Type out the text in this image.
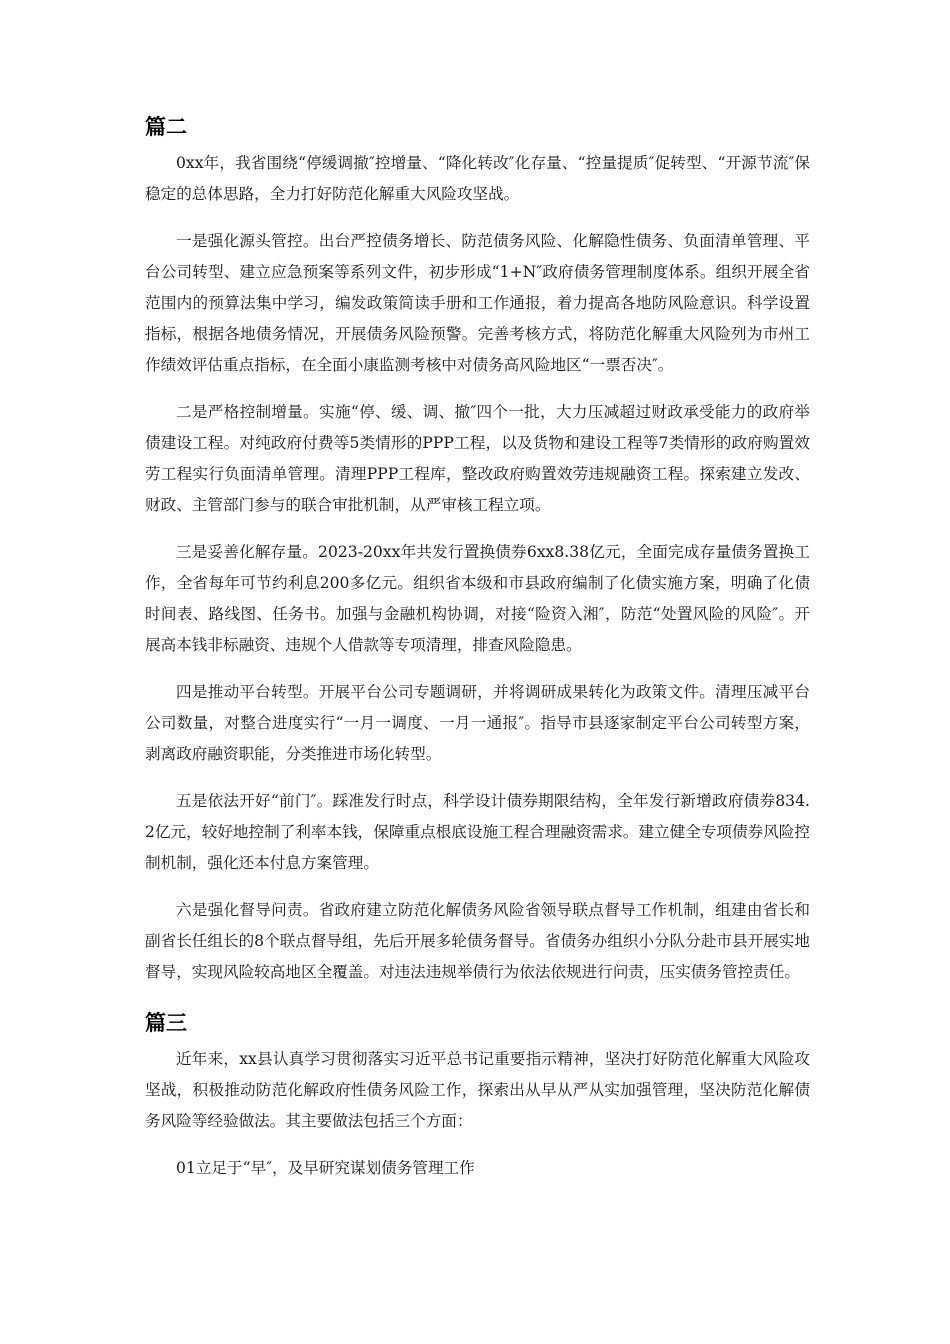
篇二

0xx年，我省围绕“停缓调撤″控增量、“降化转改″化存量、“控量提质″促转型、“开源节流″保稳定的总体思路，全力打好防范化解重大风险攻坚战。

一是强化源头管控。出台严控债务增长、防范债务风险、化解隐性债务、负面清单管理、平台公司转型、建立应急预案等系列文件，初步形成“1+N″政府债务管理制度体系。组织开展全省范围内的预算法集中学习，编发政策简读手册和工作通报，着力提高各地防风险意识。科学设置指标，根据各地债务情况，开展债务风险预警。完善考核方式，将防范化解重大风险列为市州工作绩效评估重点指标，在全面小康监测考核中对债务高风险地区“一票否决″。

二是严格控制增量。实施“停、缓、调、撤″四个一批，大力压减超过财政承受能力的政府举债建设工程。对纯政府付费等5类情形的PPP工程，以及货物和建设工程等7类情形的政府购置效劳工程实行负面清单管理。清理PPP工程库，整改政府购置效劳违规融资工程。探索建立发改、财政、主管部门参与的联合审批机制，从严审核工程立项。

三是妥善化解存量。2023-20xx年共发行置换债券6xx8.38亿元，全面完成存量债务置换工作，全省每年可节约利息200多亿元。组织省本级和市县政府编制了化债实施方案，明确了化债时间表、路线图、任务书。加强与金融机构协调，对接“险资入湘″，防范“处置风险的风险″。开展高本钱非标融资、违规个人借款等专项清理，排查风险隐患。

四是推动平台转型。开展平台公司专题调研，并将调研成果转化为政策文件。清理压减平台公司数量，对整合进度实行“一月一调度、一月一通报″。指导市县逐家制定平台公司转型方案，剥离政府融资职能，分类推进市场化转型。

五是依法开好“前门″。踩准发行时点，科学设计债券期限结构，全年发行新增政府债券834.2亿元，较好地控制了利率本钱，保障重点根底设施工程合理融资需求。建立健全专项债券风险控制机制，强化还本付息方案管理。

六是强化督导问责。省政府建立防范化解债务风险省领导联点督导工作机制，组建由省长和副省长任组长的8个联点督导组，先后开展多轮债务督导。省债务办组织小分队分赴市县开展实地督导，实现风险较高地区全覆盖。对违法违规举债行为依法依规进行问责，压实债务管控责任。

篇三

近年来，xx县认真学习贯彻落实习近平总书记重要指示精神，坚决打好防范化解重大风险攻坚战，积极推动防范化解政府性债务风险工作，探索出从早从严从实加强管理，坚决防范化解债务风险等经验做法。其主要做法包括三个方面：

01立足于“早″，及早研究谋划债务管理工作
